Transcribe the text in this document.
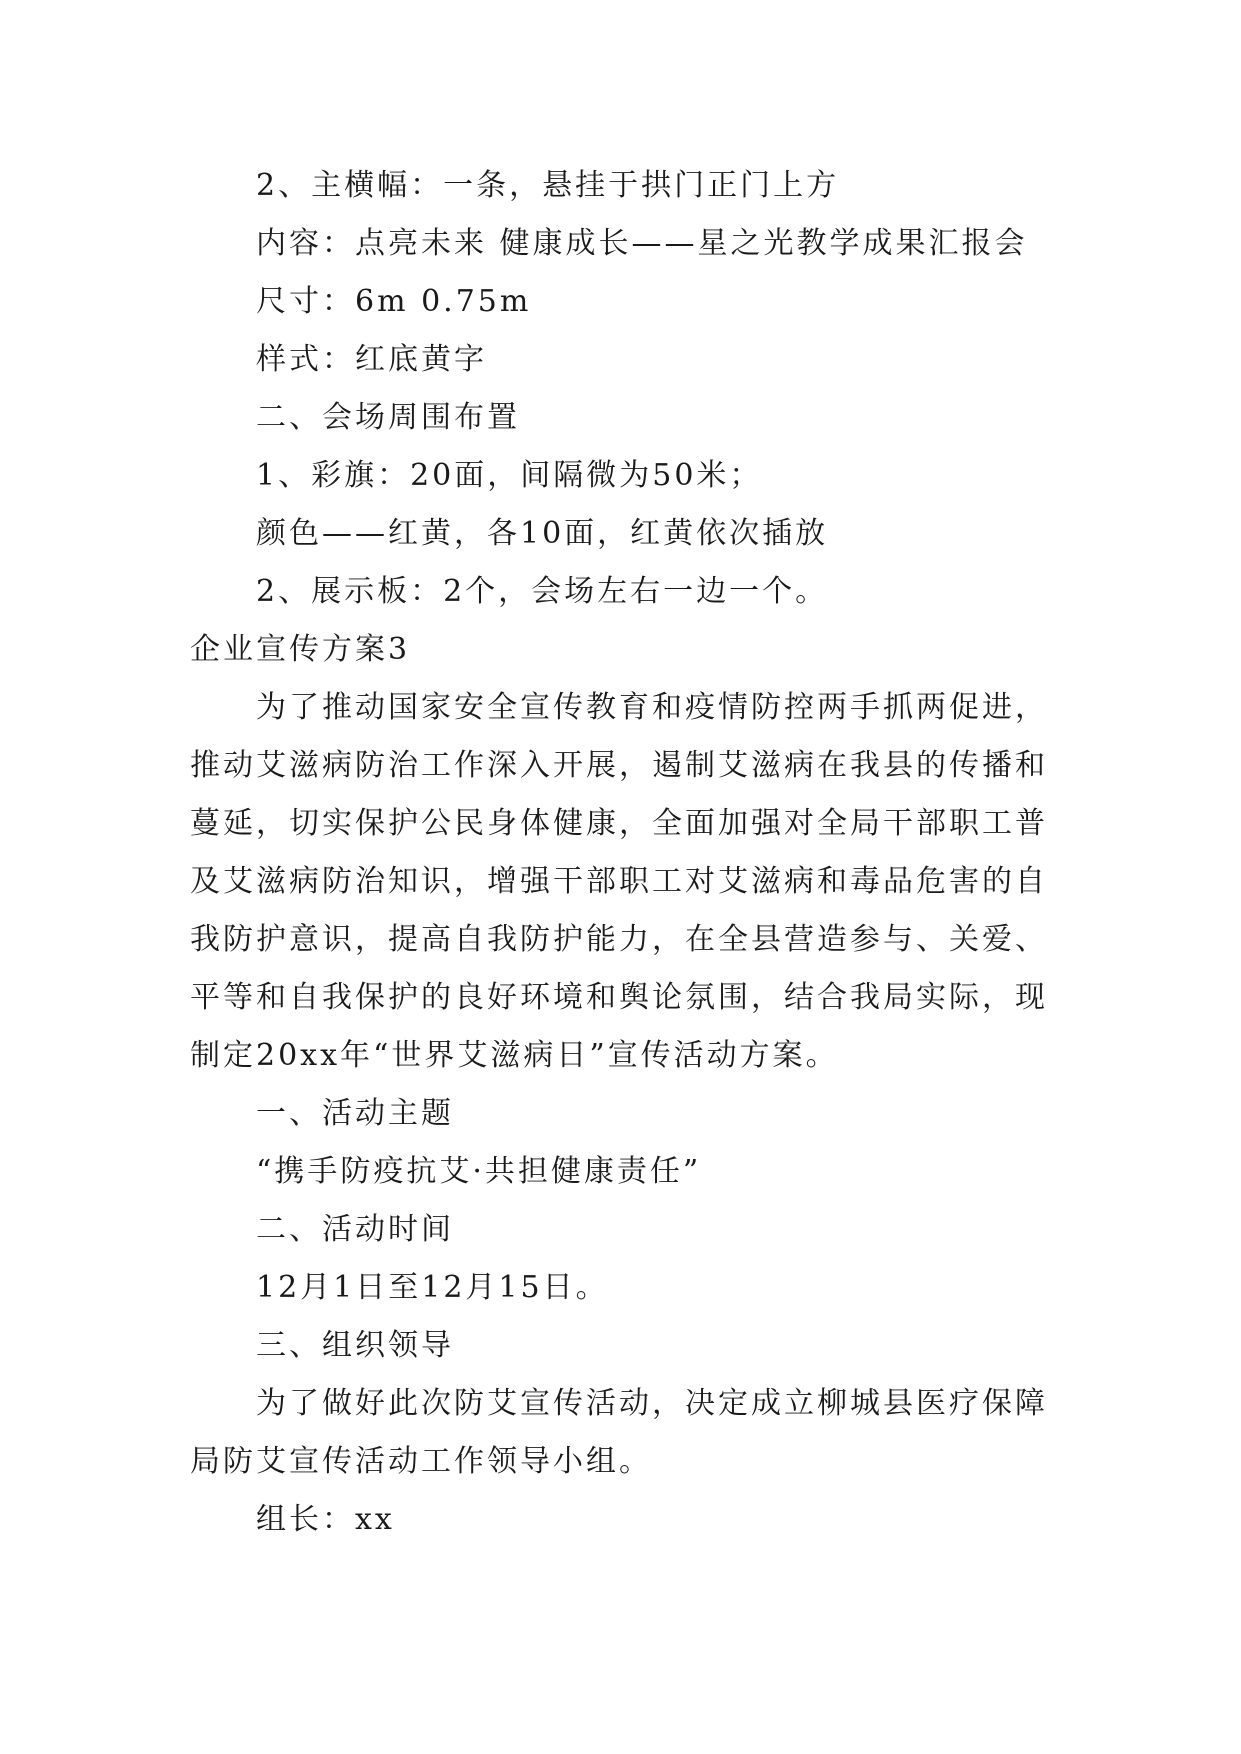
2、主横幅：一条，悬挂于拱门正门上方
内容：点亮未来 健康成长——星之光教学成果汇报会
尺寸：6m 0.75m
样式：红底黄字
二、会场周围布置
1、彩旗：20面，间隔微为50米；
颜色——红黄，各10面，红黄依次插放
2、展示板：2个，会场左右一边一个。
企业宣传方案3
为了推动国家安全宣传教育和疫情防控两手抓两促进，
推动艾滋病防治工作深入开展，遏制艾滋病在我县的传播和
蔓延，切实保护公民身体健康，全面加强对全局干部职工普
及艾滋病防治知识，增强干部职工对艾滋病和毒品危害的自
我防护意识，提高自我防护能力，在全县营造参与、关爱、
平等和自我保护的良好环境和舆论氛围，结合我局实际，现
制定20xx年“世界艾滋病日”宣传活动方案。
一、活动主题
“携手防疫抗艾·共担健康责任”
二、活动时间
12月1日至12月15日。
三、组织领导
为了做好此次防艾宣传活动，决定成立柳城县医疗保障
局防艾宣传活动工作领导小组。
组长：xx
